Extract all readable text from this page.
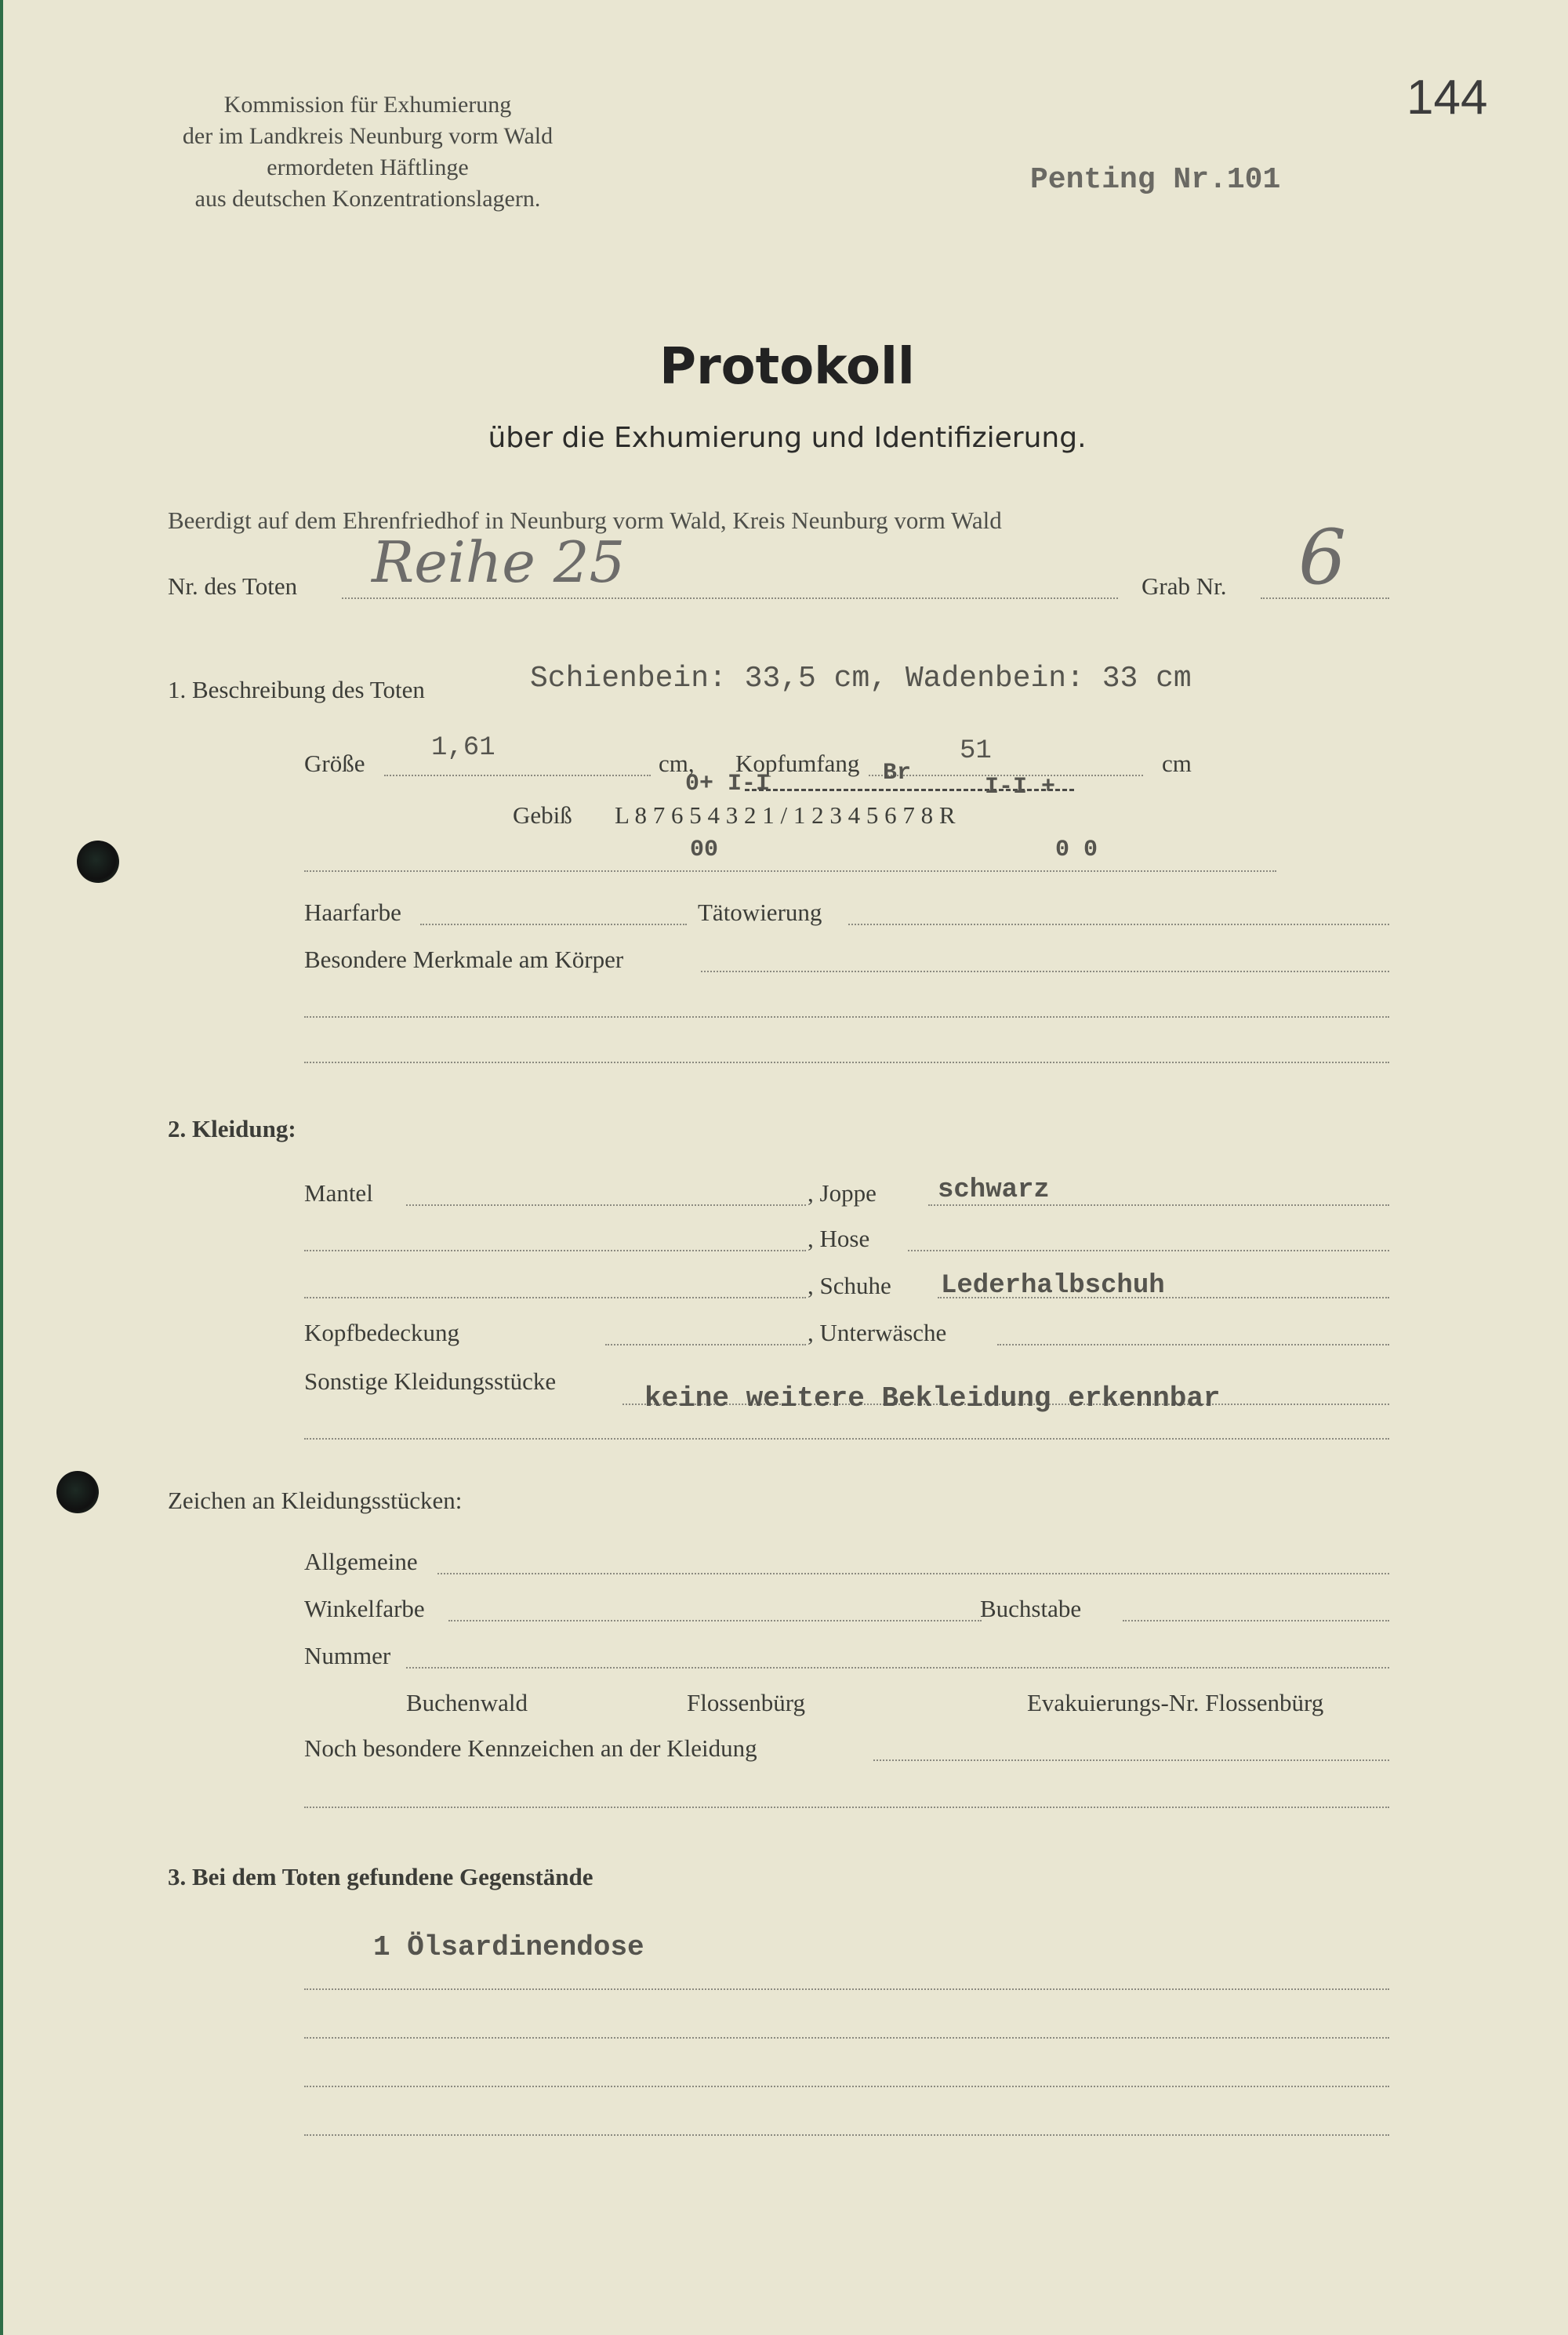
Kommission für Exhumierung
der im Landkreis Neunburg vorm Wald
ermordeten Häftlinge
aus deutschen Konzentrationslagern.
144
Penting Nr.101
Protokoll
über die Exhumierung und Identifizierung.
Beerdigt auf dem Ehrenfriedhof in Neunburg vorm Wald, Kreis Neunburg vorm Wald
Nr. des Toten Reihe 25	Grab Nr. 6
1. Beschreibung des Toten	Schienbein: 33,5 cm, Wadenbein: 33 cm
Größe
1,61
cm, Kopfumfang	51	cm
0+ I-I	Br
I-I +
Gebiß L 8 7 6 5 4 3 2 1 / 1 2 3 4 5 6 7 8 R
00	0 0
Haarfarbe	Tätowierung
Besondere Merkmale am Körper
2. Kleidung:
Mantel	, Joppe schwarz
, Hose
, Schuhe Lederhalbschuh
Kopfbedeckung	, Unterwäsche
Sonstige Kleidungsstücke
keine weitere Bekleidung erkennbar
Zeichen an Kleidungsstücken:
Allgemeine
Winkelfarbe	Buchstabe
Nummer
Buchenwald	Flossenbürg	Evakuierungs-Nr. Flossenbürg
Noch besondere Kennzeichen an der Kleidung
3. Bei dem Toten gefundene Gegenstände
1 Ölsardinendose
